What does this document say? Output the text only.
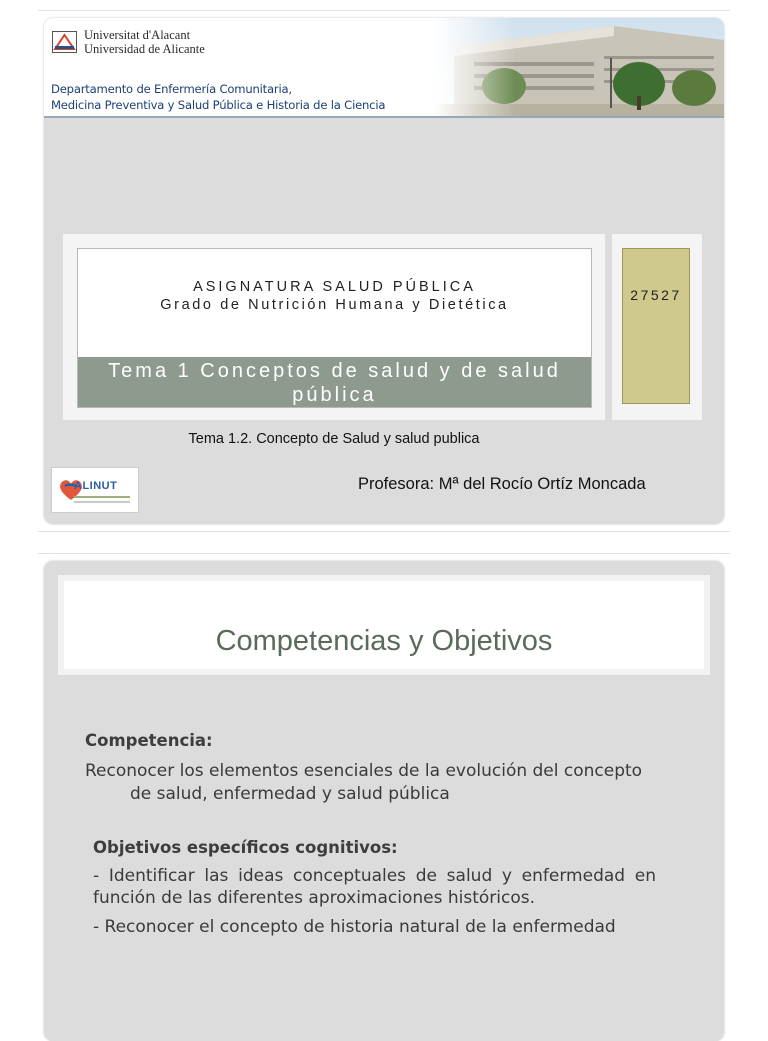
Universitat d'Alacant
Universidad de Alicante
Departamento de Enfermería Comunitaria,
Medicina Preventiva y Salud Pública e Historia de la Ciencia
ASIGNATURA SALUD PÚBLICA
Grado de Nutrición Humana y Dietética
Tema 1 Conceptos de salud y de salud pública
27527
Tema 1.2. Concepto de Salud y salud publica
ALINUT	Profesora: Mª del Rocío Ortíz Moncada
Competencias y Objetivos
Competencia:
Reconocer los elementos esenciales de la evolución del concepto
de salud, enfermedad y salud pública
Objetivos específicos cognitivos:
- Identificar las ideas conceptuales de salud y enfermedad en función de las diferentes aproximaciones históricos.
- Reconocer el concepto de historia natural de la enfermedad
